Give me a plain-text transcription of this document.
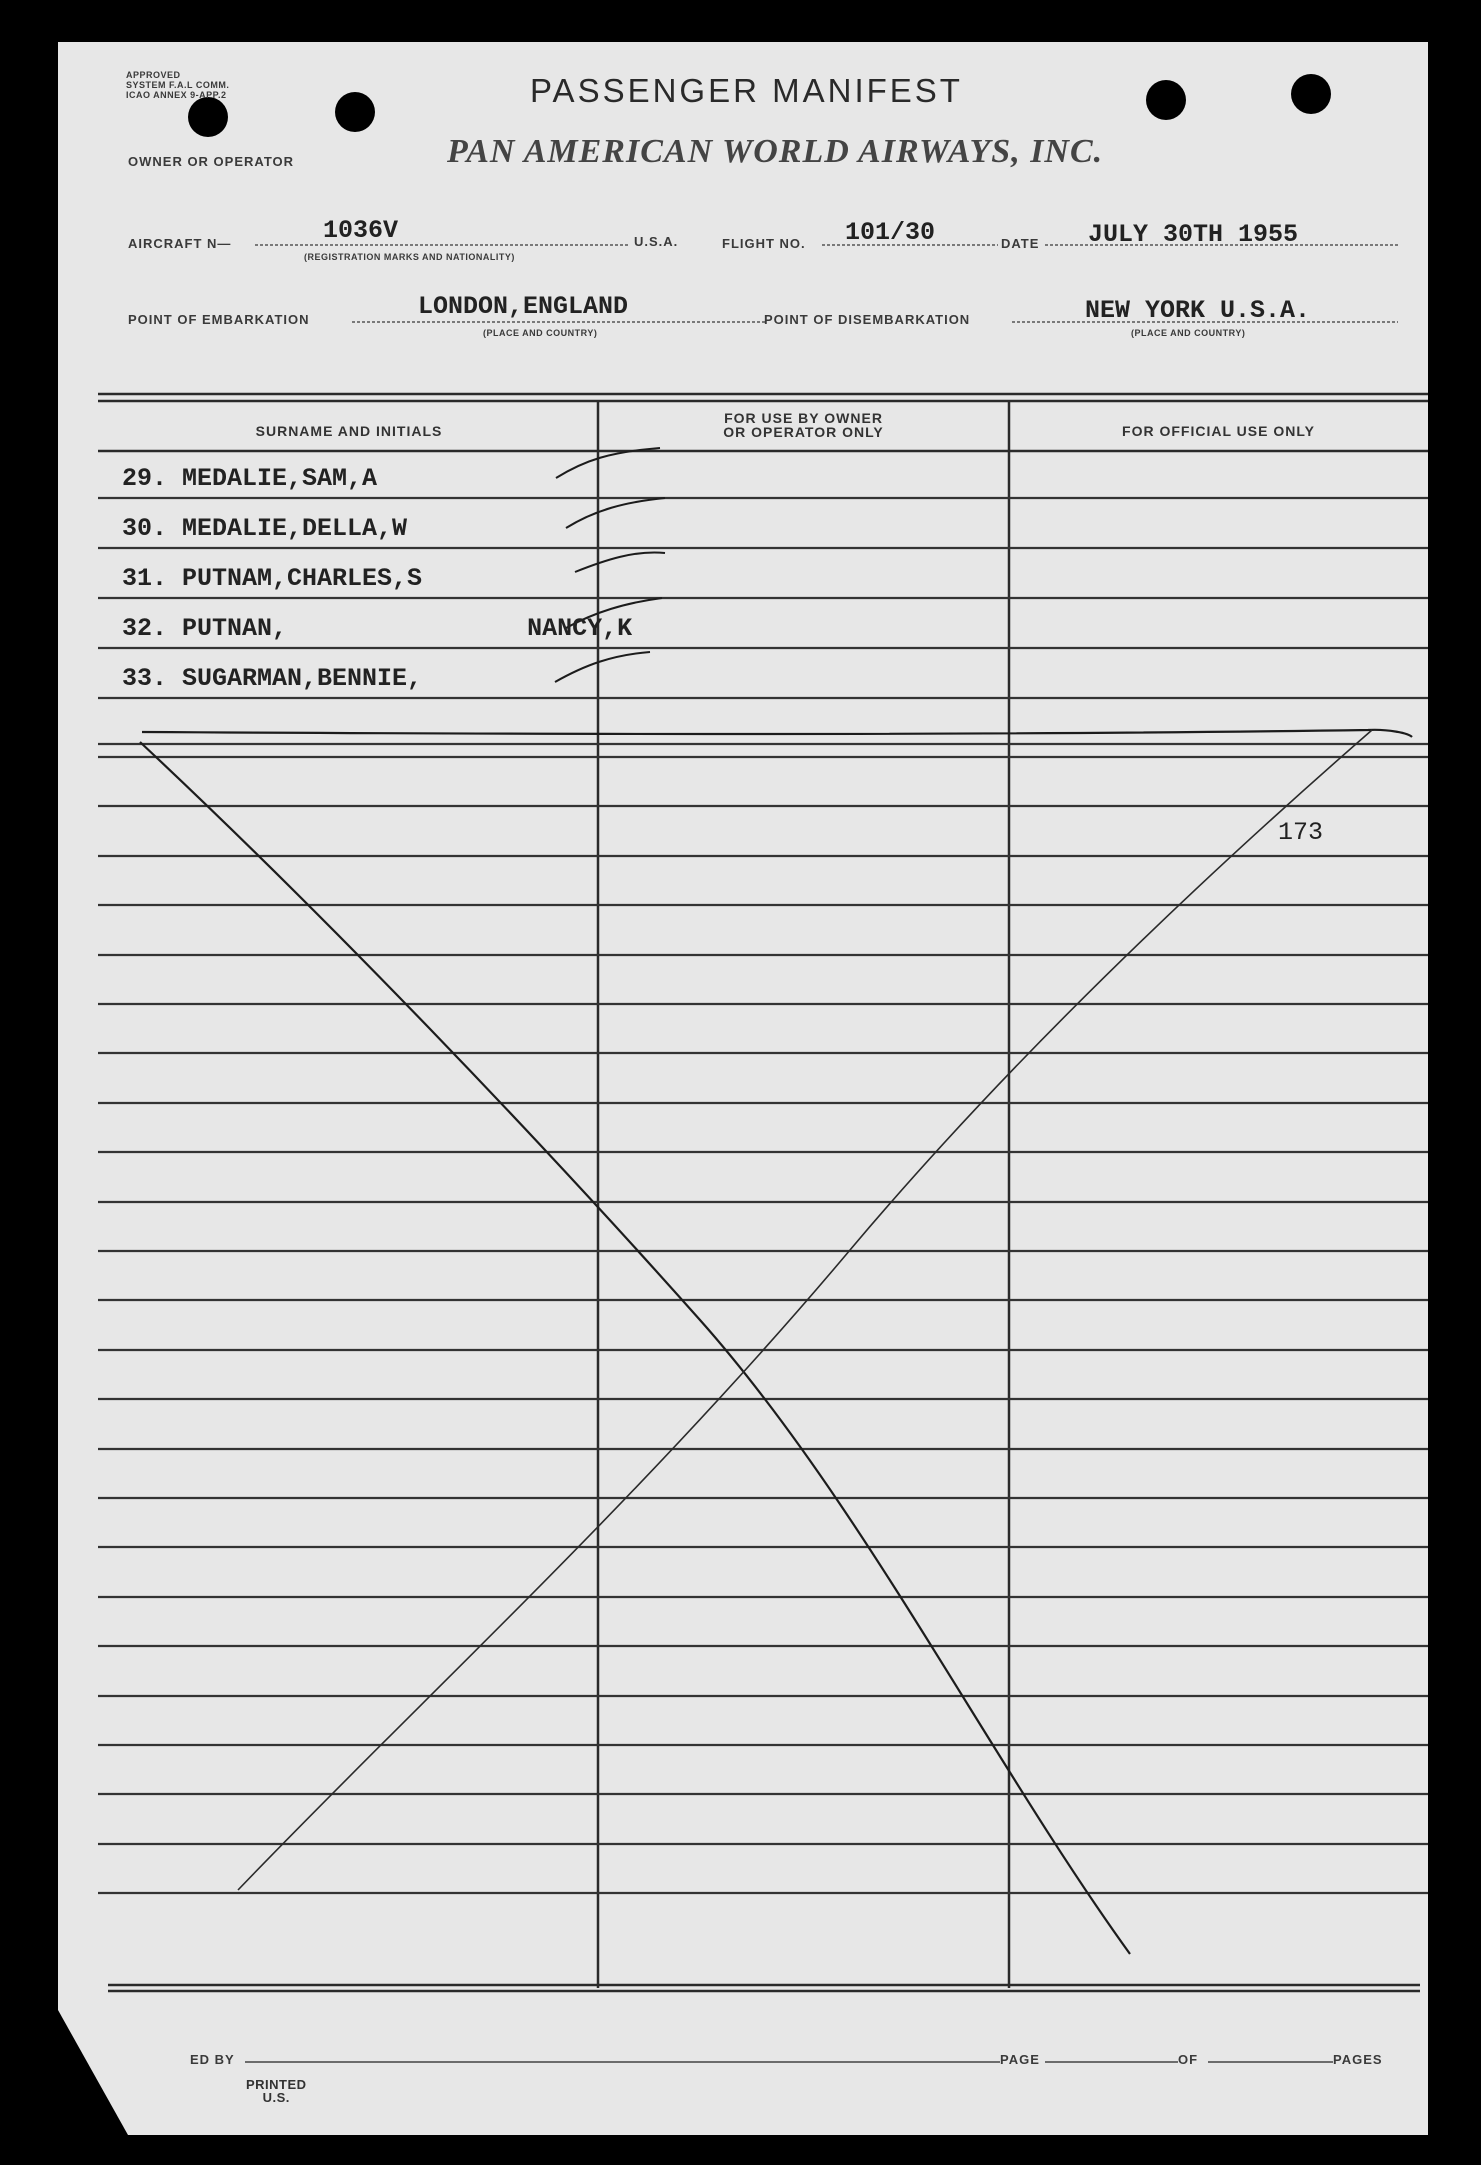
APPROVED
SYSTEM F.A.L COMM.
ICAO ANNEX 9-APP.2	PASSENGER MANIFEST
OWNER OR OPERATOR	PAN AMERICAN WORLD AIRWAYS, INC.
AIRCRAFT N—	1036V
(REGISTRATION MARKS AND NATIONALITY)
U.S.A.	FLIGHT NO. 101/30	DATE JULY 30TH 1955
POINT OF EMBARKATION	LONDON,ENGLAND
(PLACE AND COUNTRY)
POINT OF DISEMBARKATION	NEW YORK U.S.A.
(PLACE AND COUNTRY)
SURNAME AND INITIALS
FOR USE BY OWNER
OR OPERATOR ONLY	FOR OFFICIAL USE ONLY
29. MEDALIE,SAM,A
30. MEDALIE,DELLA,W
31. PUTNAM,CHARLES,S
32. PUTNAN,                NANCY,K
33. SUGARMAN,BENNIE,
173
ED BY	PAGE	OF	PAGES
PRINTED
U.S.
